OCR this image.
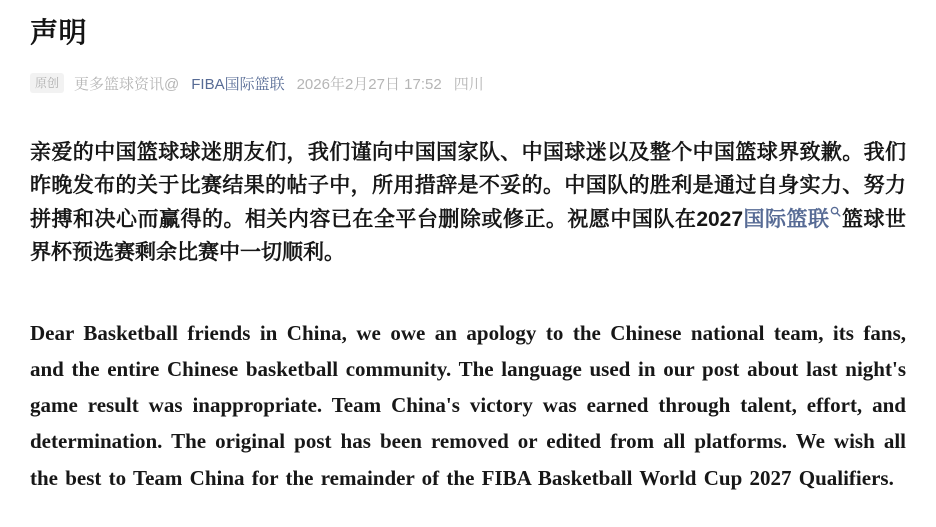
声明
原创	更多篮球资讯@ FIBA国际篮联 2026年2月27日 17:52 四川

亲爱的中国篮球球迷朋友们，我们谨向中国国家队、中国球迷以及整个中国篮球界致歉。我们昨晚发布的关于比赛结果的帖子中，所用措辞是不妥的。中国队的胜利是通过自身实力、努力拼搏和决心而赢得的。相关内容已在全平台删除或修正。祝愿中国队在2027国际篮联 篮球世界杯预选赛剩余比赛中一切顺利。

Dear Basketball friends in China, we owe an apology to the Chinese national team, its fans, and the entire Chinese basketball community. The language used in our post about last night's game result was inappropriate. Team China's victory was earned through talent, effort, and determination. The original post has been removed or edited from all platforms. We wish all the best to Team China for the remainder of the FIBA Basketball World Cup 2027 Qualifiers.
